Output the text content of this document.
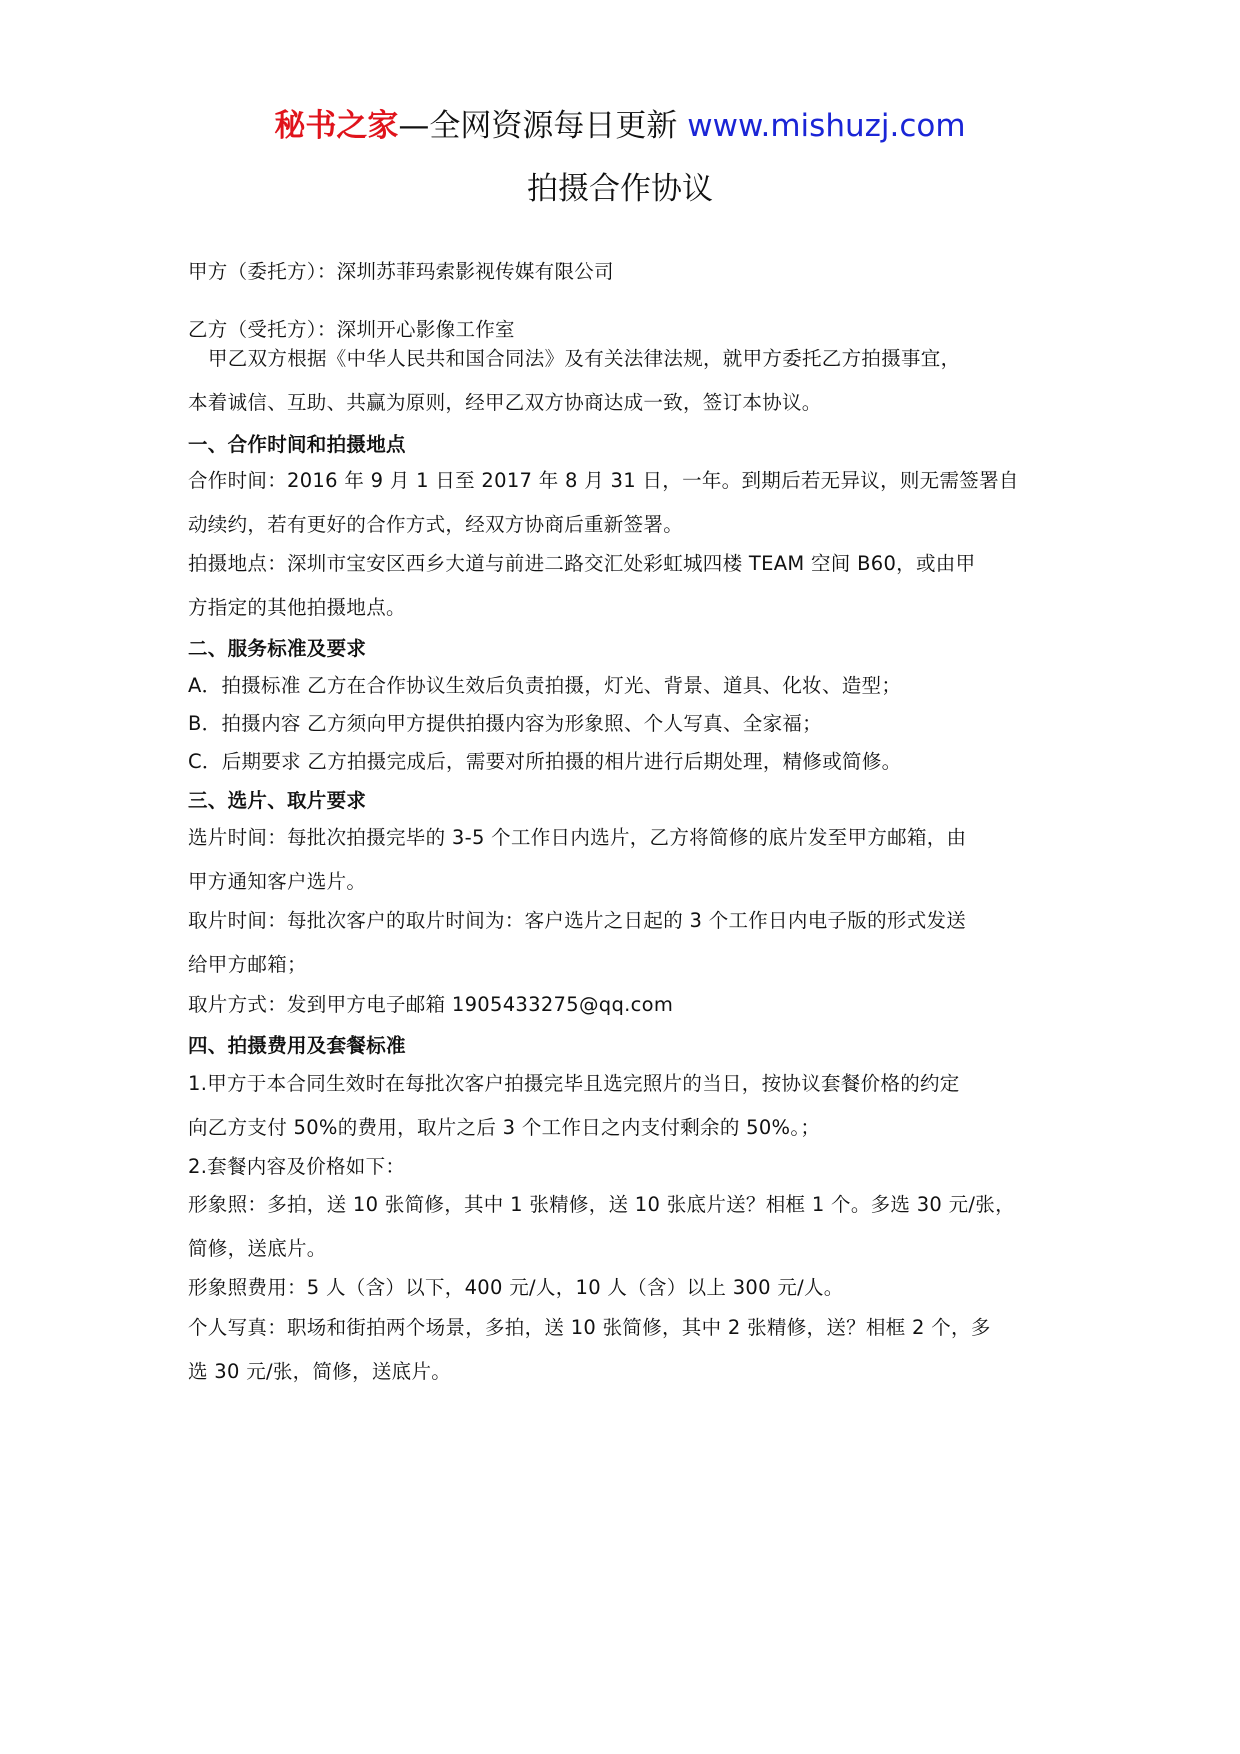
秘书之家—全网资源每日更新 www.mishuzj.com
拍摄合作协议
甲方（委托方）：深圳苏菲玛索影视传媒有限公司
乙方（受托方）：深圳开心影像工作室
甲乙双方根据《中华人民共和国合同法》及有关法律法规，就甲方委托乙方拍摄事宜，
本着诚信、互助、共赢为原则，经甲乙双方协商达成一致，签订本协议。
一、合作时间和拍摄地点
合作时间：2016 年 9 月 1 日至 2017 年 8 月 31 日，一年。到期后若无异议，则无需签署自
动续约，若有更好的合作方式，经双方协商后重新签署。
拍摄地点：深圳市宝安区西乡大道与前进二路交汇处彩虹城四楼 TEAM 空间 B60，或由甲
方指定的其他拍摄地点。
二、服务标准及要求
A．拍摄标准 乙方在合作协议生效后负责拍摄，灯光、背景、道具、化妆、造型；
B．拍摄内容 乙方须向甲方提供拍摄内容为形象照、个人写真、全家福；
C．后期要求 乙方拍摄完成后，需要对所拍摄的相片进行后期处理，精修或简修。
三、选片、取片要求
选片时间：每批次拍摄完毕的 3-5 个工作日内选片，乙方将简修的底片发至甲方邮箱，由
甲方通知客户选片。
取片时间：每批次客户的取片时间为：客户选片之日起的 3 个工作日内电子版的形式发送
给甲方邮箱；
取片方式：发到甲方电子邮箱 1905433275@qq.com
四、拍摄费用及套餐标准
1.甲方于本合同生效时在每批次客户拍摄完毕且选完照片的当日，按协议套餐价格的约定
向乙方支付 50%的费用，取片之后 3 个工作日之内支付剩余的 50%。；
2.套餐内容及价格如下：
形象照：多拍，送 10 张简修，其中 1 张精修，送 10 张底片送？相框 1 个。多选 30 元/张，
简修，送底片。
形象照费用：5 人（含）以下，400 元/人，10 人（含）以上 300 元/人。
个人写真：职场和街拍两个场景，多拍，送 10 张简修，其中 2 张精修，送？相框 2 个，多
选 30 元/张，简修，送底片。
